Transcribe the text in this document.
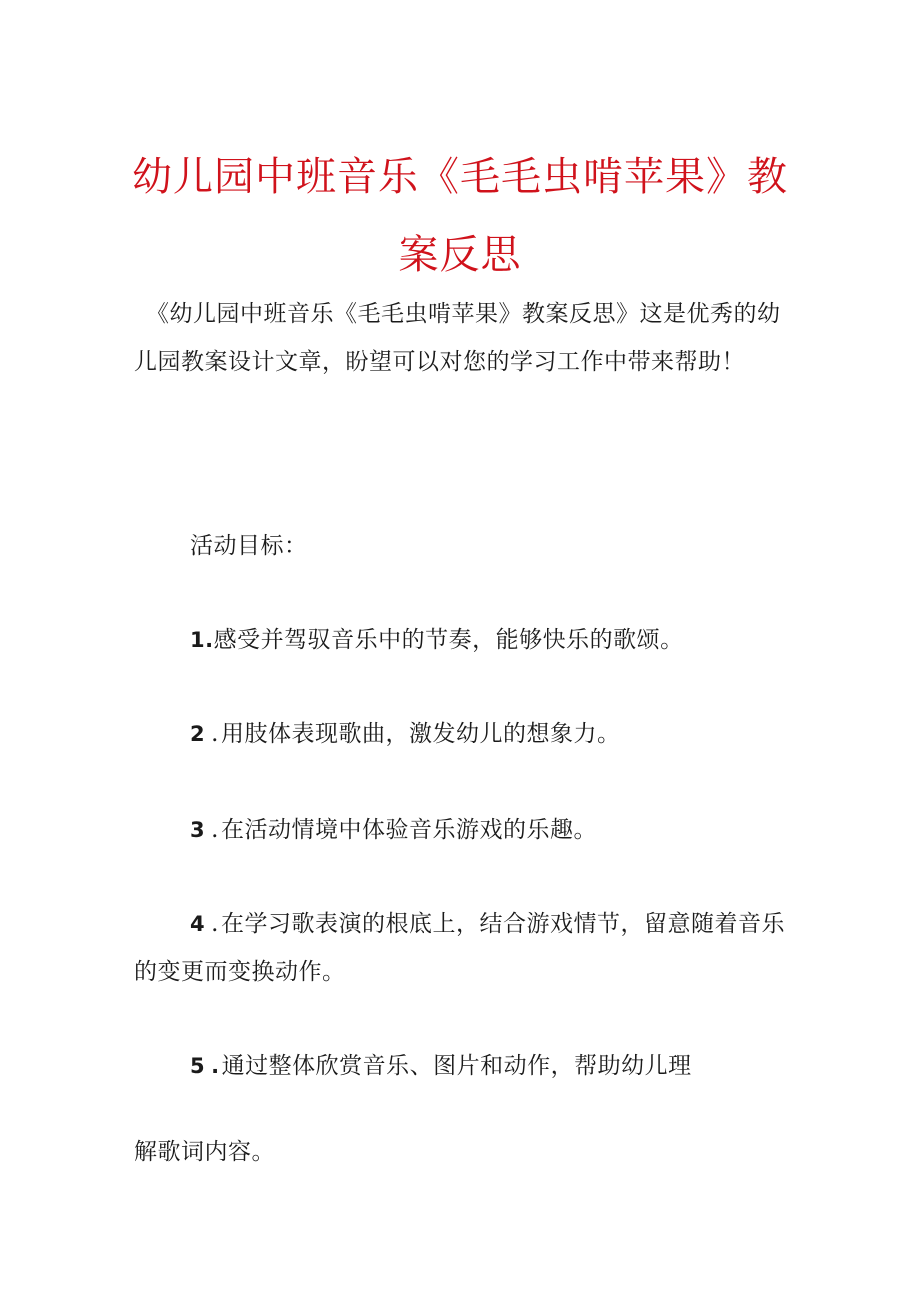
幼儿园中班音乐《毛毛虫啃苹果》教案反思
《幼儿园中班音乐《毛毛虫啃苹果》教案反思》这是优秀的幼儿园教案设计文章，盼望可以对您的学习工作中带来帮助！
活动目标：
1.感受并驾驭音乐中的节奏，能够快乐的歌颂。
2 .用肢体表现歌曲，激发幼儿的想象力。
3 .在活动情境中体验音乐游戏的乐趣。
4 .在学习歌表演的根底上，结合游戏情节，留意随着音乐的变更而变换动作。
5 .通过整体欣赏音乐、图片和动作，帮助幼儿理
解歌词内容。
